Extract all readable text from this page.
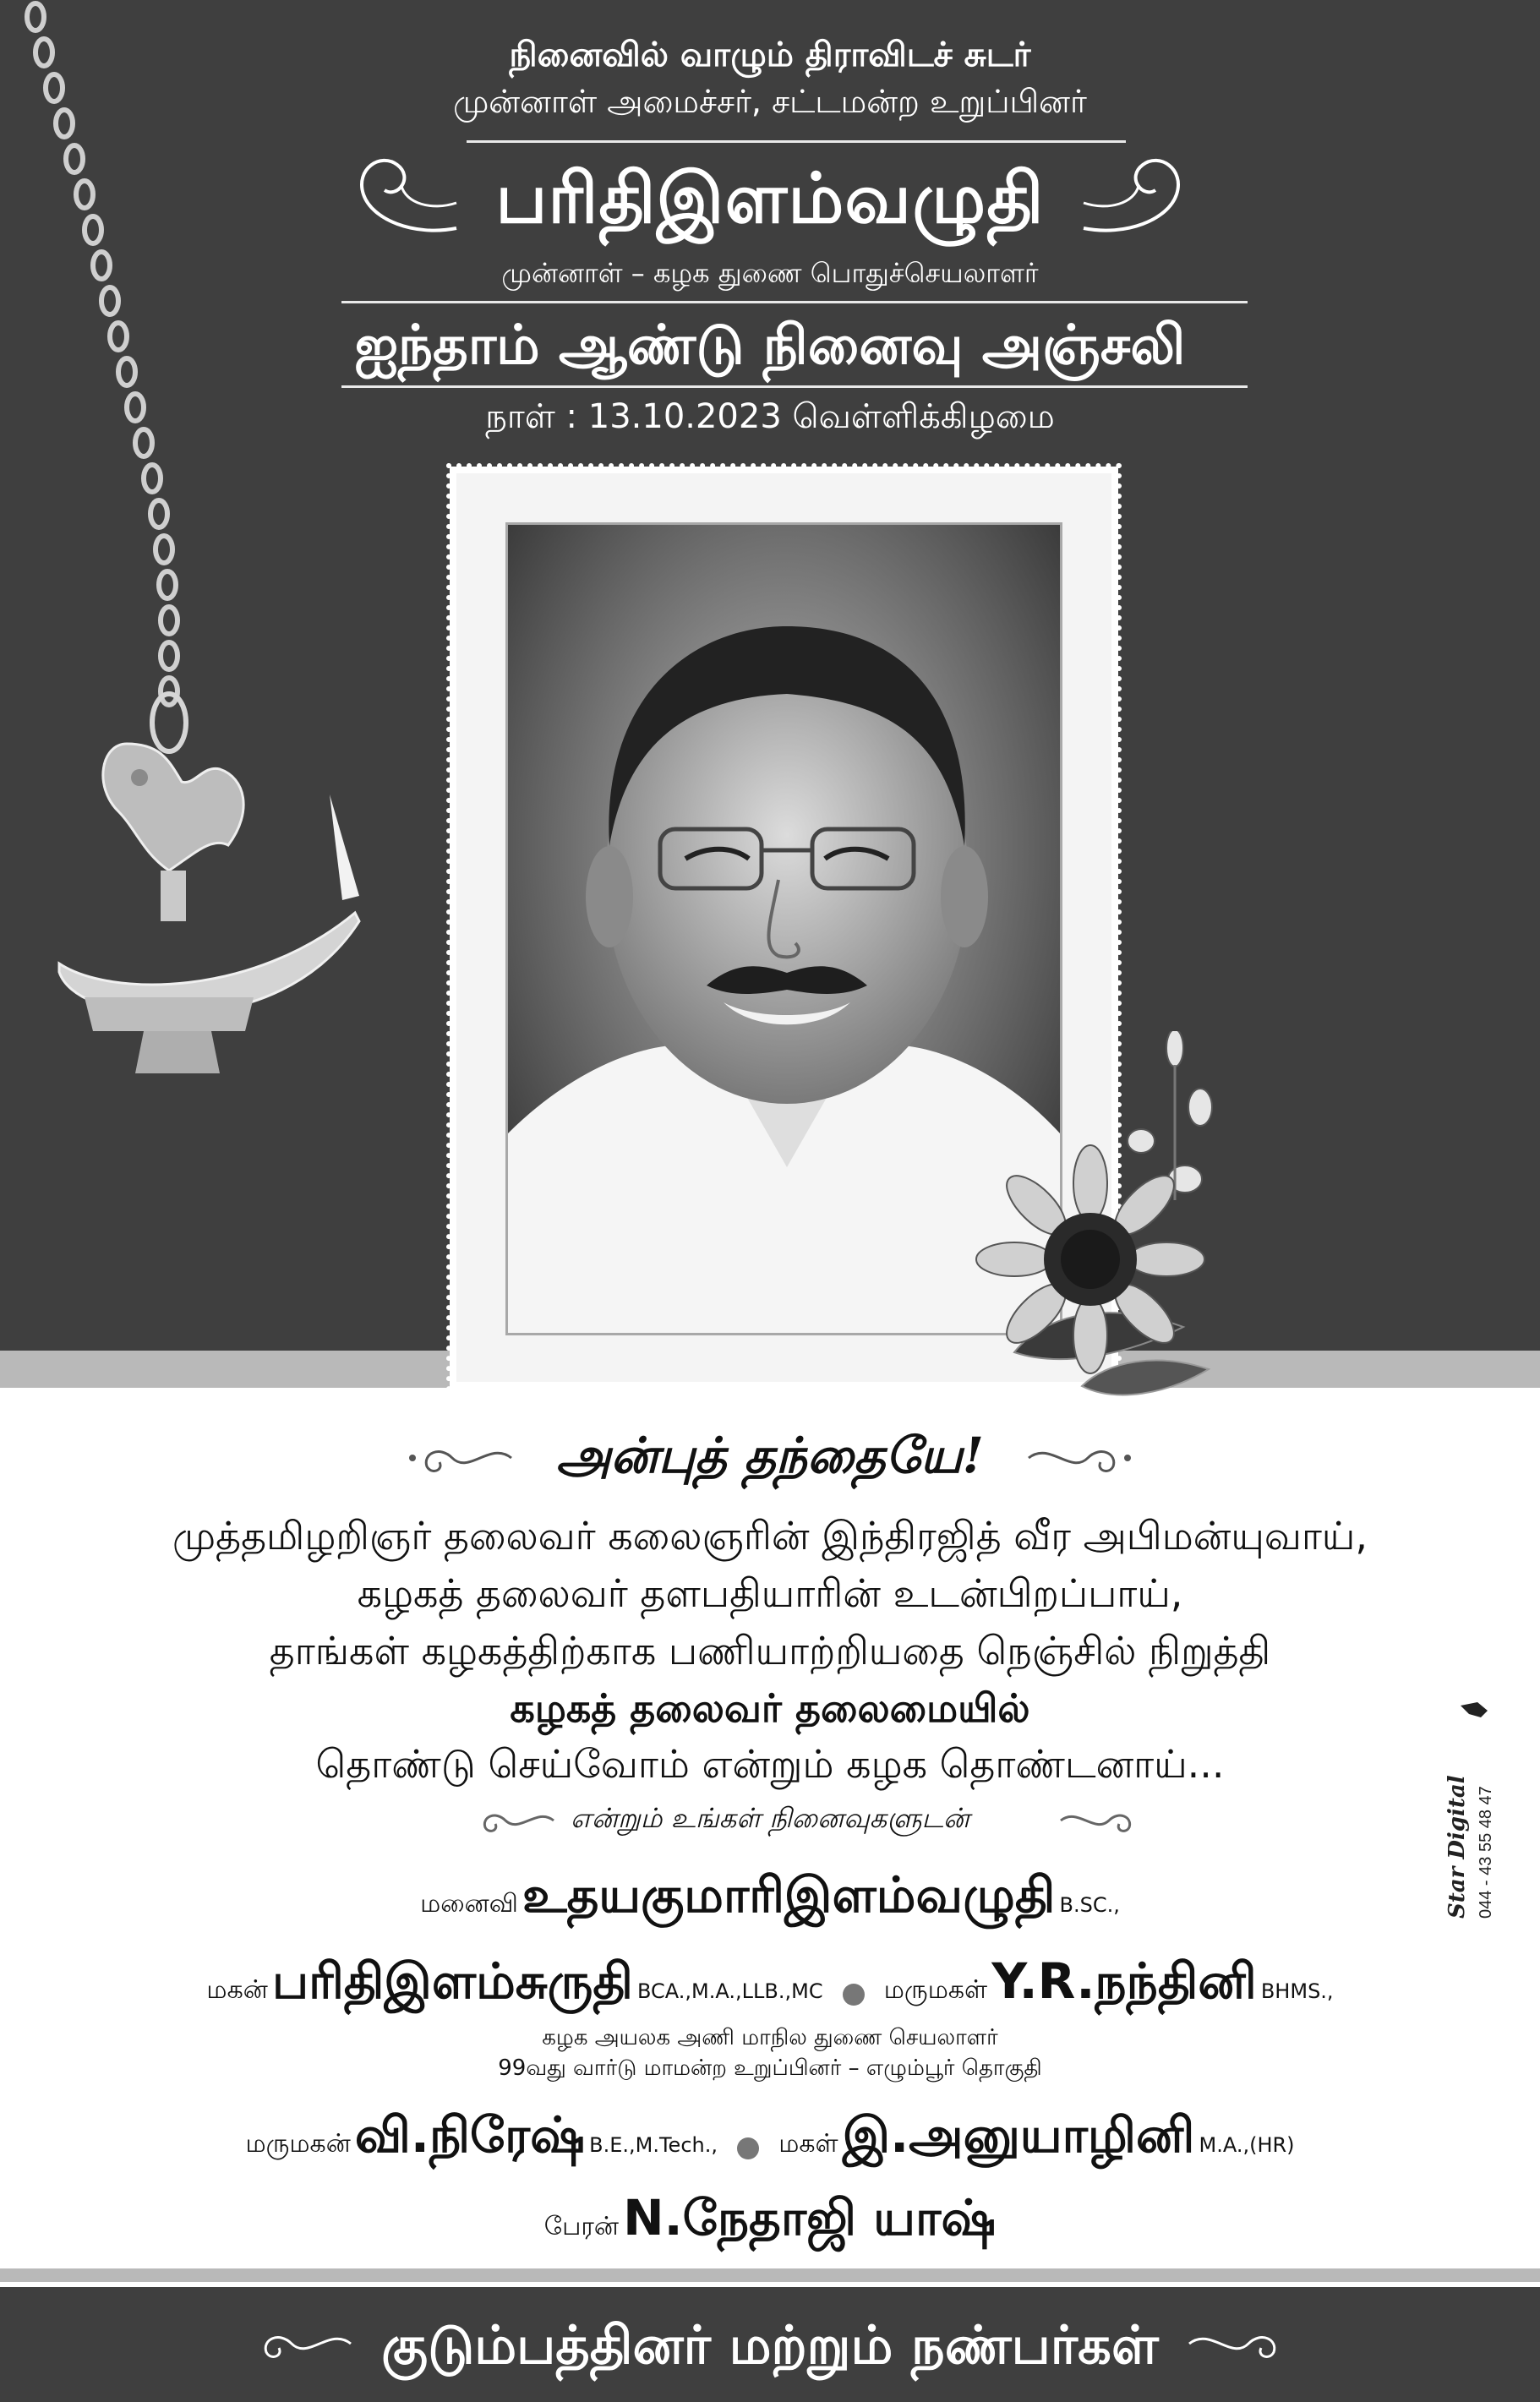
நினைவில் வாழும் திராவிடச் சுடர்
முன்னாள் அமைச்சர், சட்டமன்ற உறுப்பினர்
பரிதிஇளம்வழுதி
முன்னாள் – கழக துணை பொதுச்செயலாளர்
ஐந்தாம் ஆண்டு நினைவு அஞ்சலி
நாள் : 13.10.2023 வெள்ளிக்கிழமை
அன்புத் தந்தையே!
முத்தமிழறிஞர் தலைவர் கலைஞரின் இந்திரஜித் வீர அபிமன்யுவாய்,
கழகத் தலைவர் தளபதியாரின் உடன்பிறப்பாய்,
தாங்கள் கழகத்திற்காக பணியாற்றியதை நெஞ்சில் நிறுத்தி
கழகத் தலைவர் தலைமையில்
தொண்டு செய்வோம் என்றும் கழக தொண்டனாய்...
என்றும் உங்கள் நினைவுகளுடன்
மனைவி உதயகுமாரிஇளம்வழுதி B.SC.,
மகன் பரிதிஇளம்சுருதி BCA.,M.A.,LLB.,MC மருமகள் Y.R.நந்தினி BHMS.,
கழக அயலக அணி மாநில துணை செயலாளர்
99வது வார்டு மாமன்ற உறுப்பினர் – எழும்பூர் தொகுதி
மருமகன் வி.நிரேஷ் B.E.,M.Tech., மகள் இ.அனுயாழினி M.A.,(HR)
பேரன் N.நேதாஜி யாஷ்
Star Digital 044 - 43 55 48 47
குடும்பத்தினர் மற்றும் நண்பர்கள்
